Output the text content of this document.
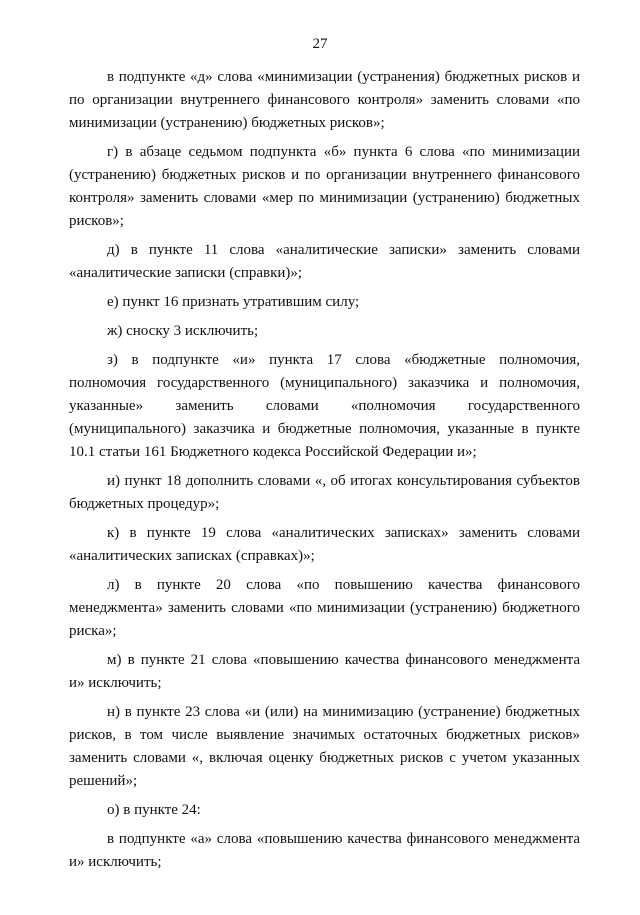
27

в подпункте «д» слова «минимизации (устранения) бюджетных рисков и по организации внутреннего финансового контроля» заменить словами «по минимизации (устранению) бюджетных рисков»;

г) в абзаце седьмом подпункта «б» пункта 6 слова «по минимизации (устранению) бюджетных рисков и по организации внутреннего финансового контроля» заменить словами «мер по минимизации (устранению) бюджетных рисков»;

д) в пункте 11 слова «аналитические записки» заменить словами «аналитические записки (справки)»;

е) пункт 16 признать утратившим силу;

ж) сноску 3 исключить;

з) в подпункте «и» пункта 17 слова «бюджетные полномочия, полномочия государственного (муниципального) заказчика и полномочия, указанные» заменить словами «полномочия государственного (муниципального) заказчика и бюджетные полномочия, указанные в пункте 10.1 статьи 161 Бюджетного кодекса Российской Федерации и»;

и) пункт 18 дополнить словами «, об итогах консультирования субъектов бюджетных процедур»;

к) в пункте 19 слова «аналитических записках» заменить словами «аналитических записках (справках)»;

л) в пункте 20 слова «по повышению качества финансового менеджмента» заменить словами «по минимизации (устранению) бюджетного риска»;

м) в пункте 21 слова «повышению качества финансового менеджмента и» исключить;

н) в пункте 23 слова «и (или) на минимизацию (устранение) бюджетных рисков, в том числе выявление значимых остаточных бюджетных рисков» заменить словами «, включая оценку бюджетных рисков с учетом указанных решений»;

о) в пункте 24:

в подпункте «а» слова «повышению качества финансового менеджмента и» исключить;
